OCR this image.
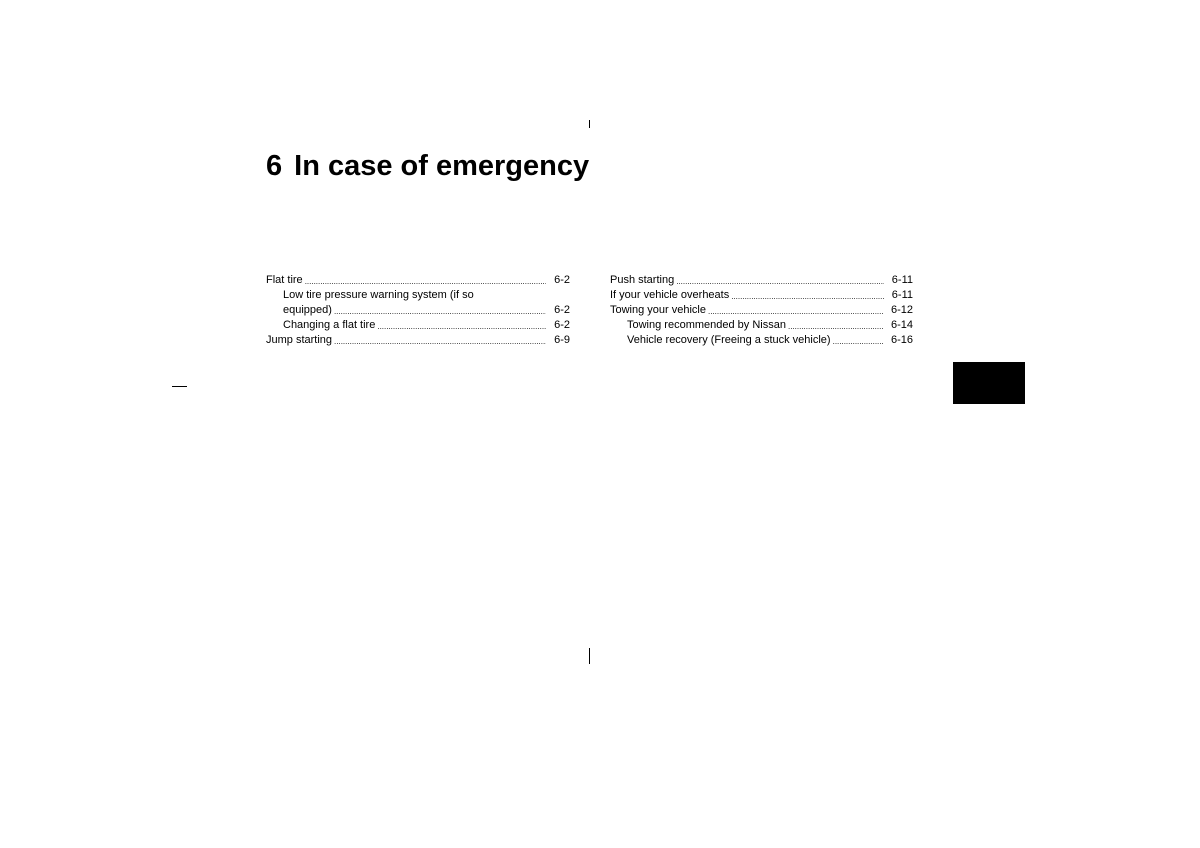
6 In case of emergency
Flat tire .....	6-2
Low tire pressure warning system (if so
equipped) .....	6-2
Changing a flat tire .....	6-2
Jump starting .....	6-9
Push starting .....	6-11
If your vehicle overheats .....	6-11
Towing your vehicle .....	6-12
Towing recommended by Nissan .....	6-14
Vehicle recovery (Freeing a stuck vehicle) .....	6-16
